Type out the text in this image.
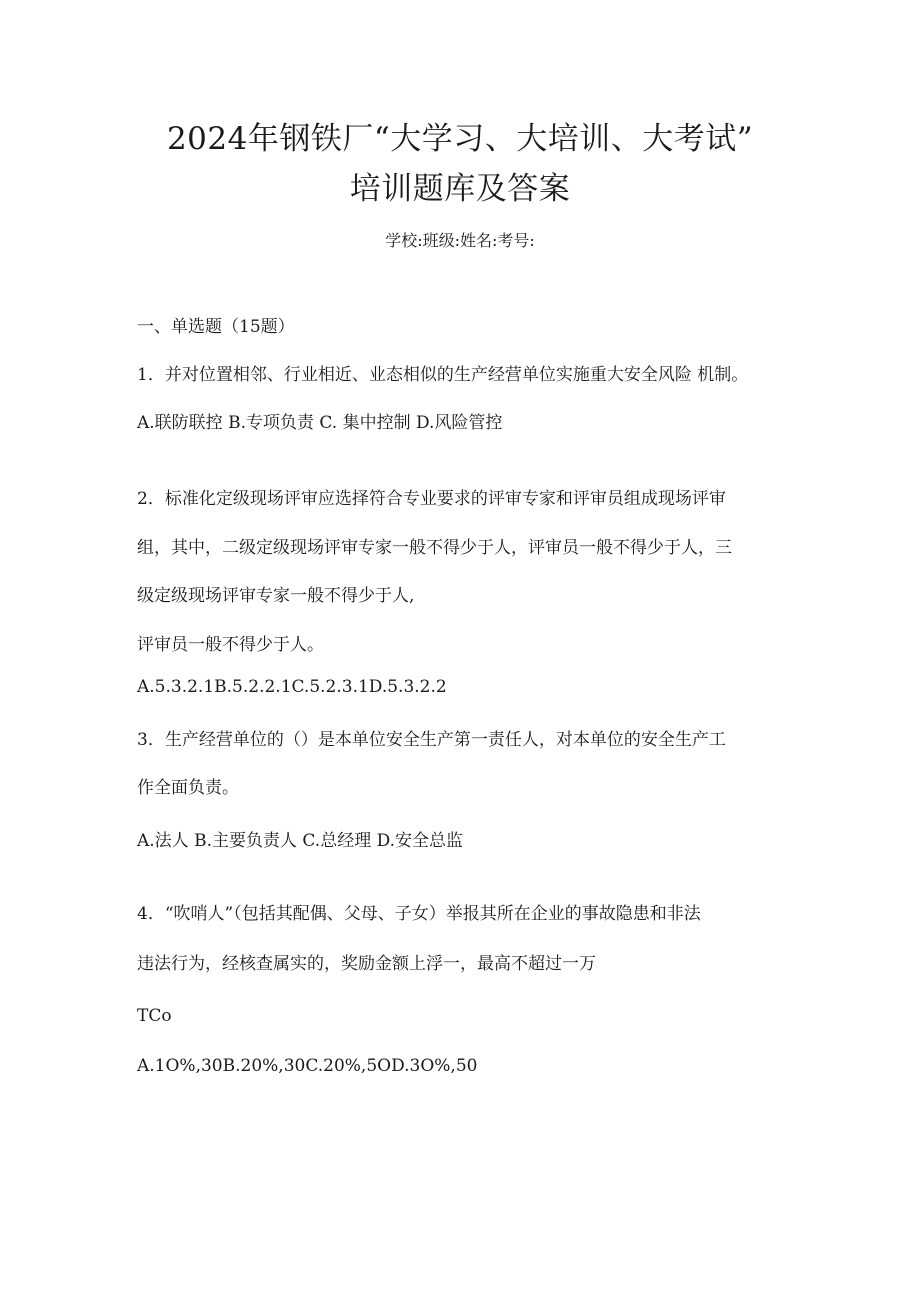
2024年钢铁厂“大学习、大培训、大考试”
培训题库及答案
学校:班级:姓名:考号:
一、单选题（15题）
1．并对位置相邻、行业相近、业态相似的生产经营单位实施重大安全风险 机制。
A.联防联控 B.专项负责 C. 集中控制 D.风险管控
2．标准化定级现场评审应选择符合专业要求的评审专家和评审员组成现场评审
组，其中，二级定级现场评审专家一般不得少于人，评审员一般不得少于人，三
级定级现场评审专家一般不得少于人,
评审员一般不得少于人。
A.5.3.2.1B.5.2.2.1C.5.2.3.1D.5.3.2.2
3．生产经营单位的（）是本单位安全生产第一责任人，对本单位的安全生产工
作全面负责。
A.法人 B.主要负责人 C.总经理 D.安全总监
4．“吹哨人”（包括其配偶、父母、子女）举报其所在企业的事故隐患和非法
违法行为，经核查属实的，奖励金额上浮一，最高不超过一万
TCo
A.1O%,30B.20%,30C.20%,5OD.3O%,50
